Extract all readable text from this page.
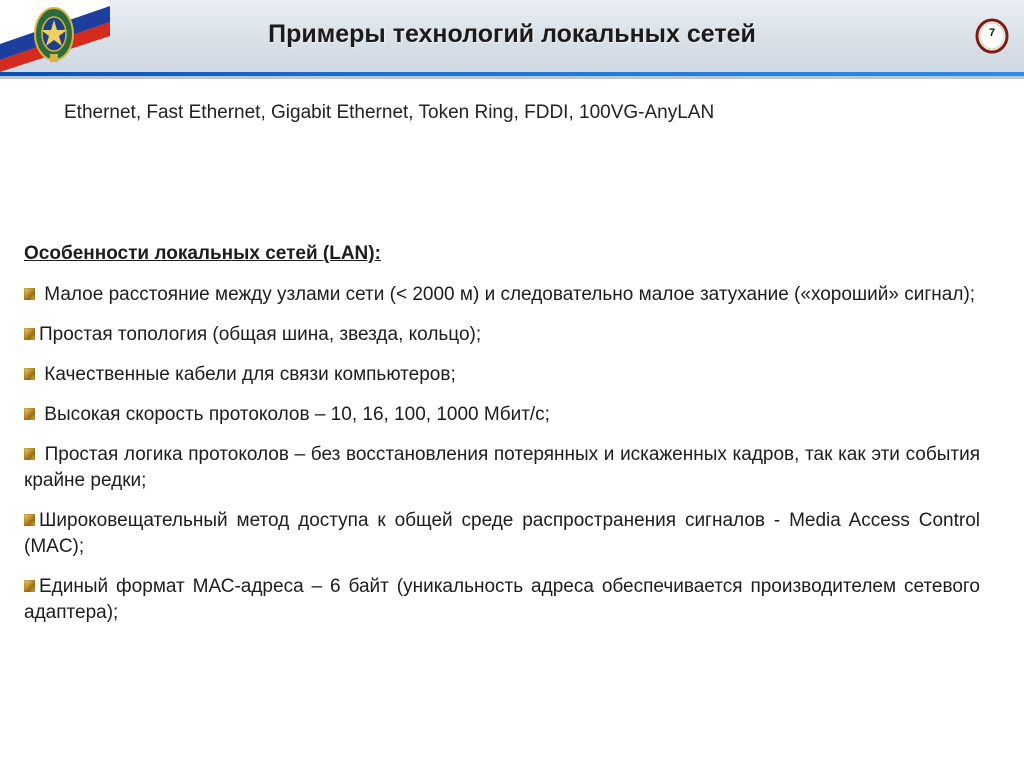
Примеры технологий локальных сетей	7
Ethernet, Fast Ethernet, Gigabit Ethernet, Token Ring, FDDI, 100VG-AnyLAN
Особенности локальных сетей (LAN):
Малое расстояние между узлами сети (< 2000 м) и следовательно малое затухание («хороший» сигнал);
Простая топология (общая шина, звезда, кольцо);
Качественные кабели для связи компьютеров;
Высокая скорость протоколов – 10, 16, 100, 1000 Мбит/с;
Простая логика протоколов – без восстановления потерянных и искаженных кадров, так как эти события крайне редки;
Широковещательный метод доступа к общей среде распространения сигналов - Media Access Control (MAC);
Единый формат МАС-адреса – 6 байт (уникальность адреса обеспечивается производителем сетевого адаптера);
